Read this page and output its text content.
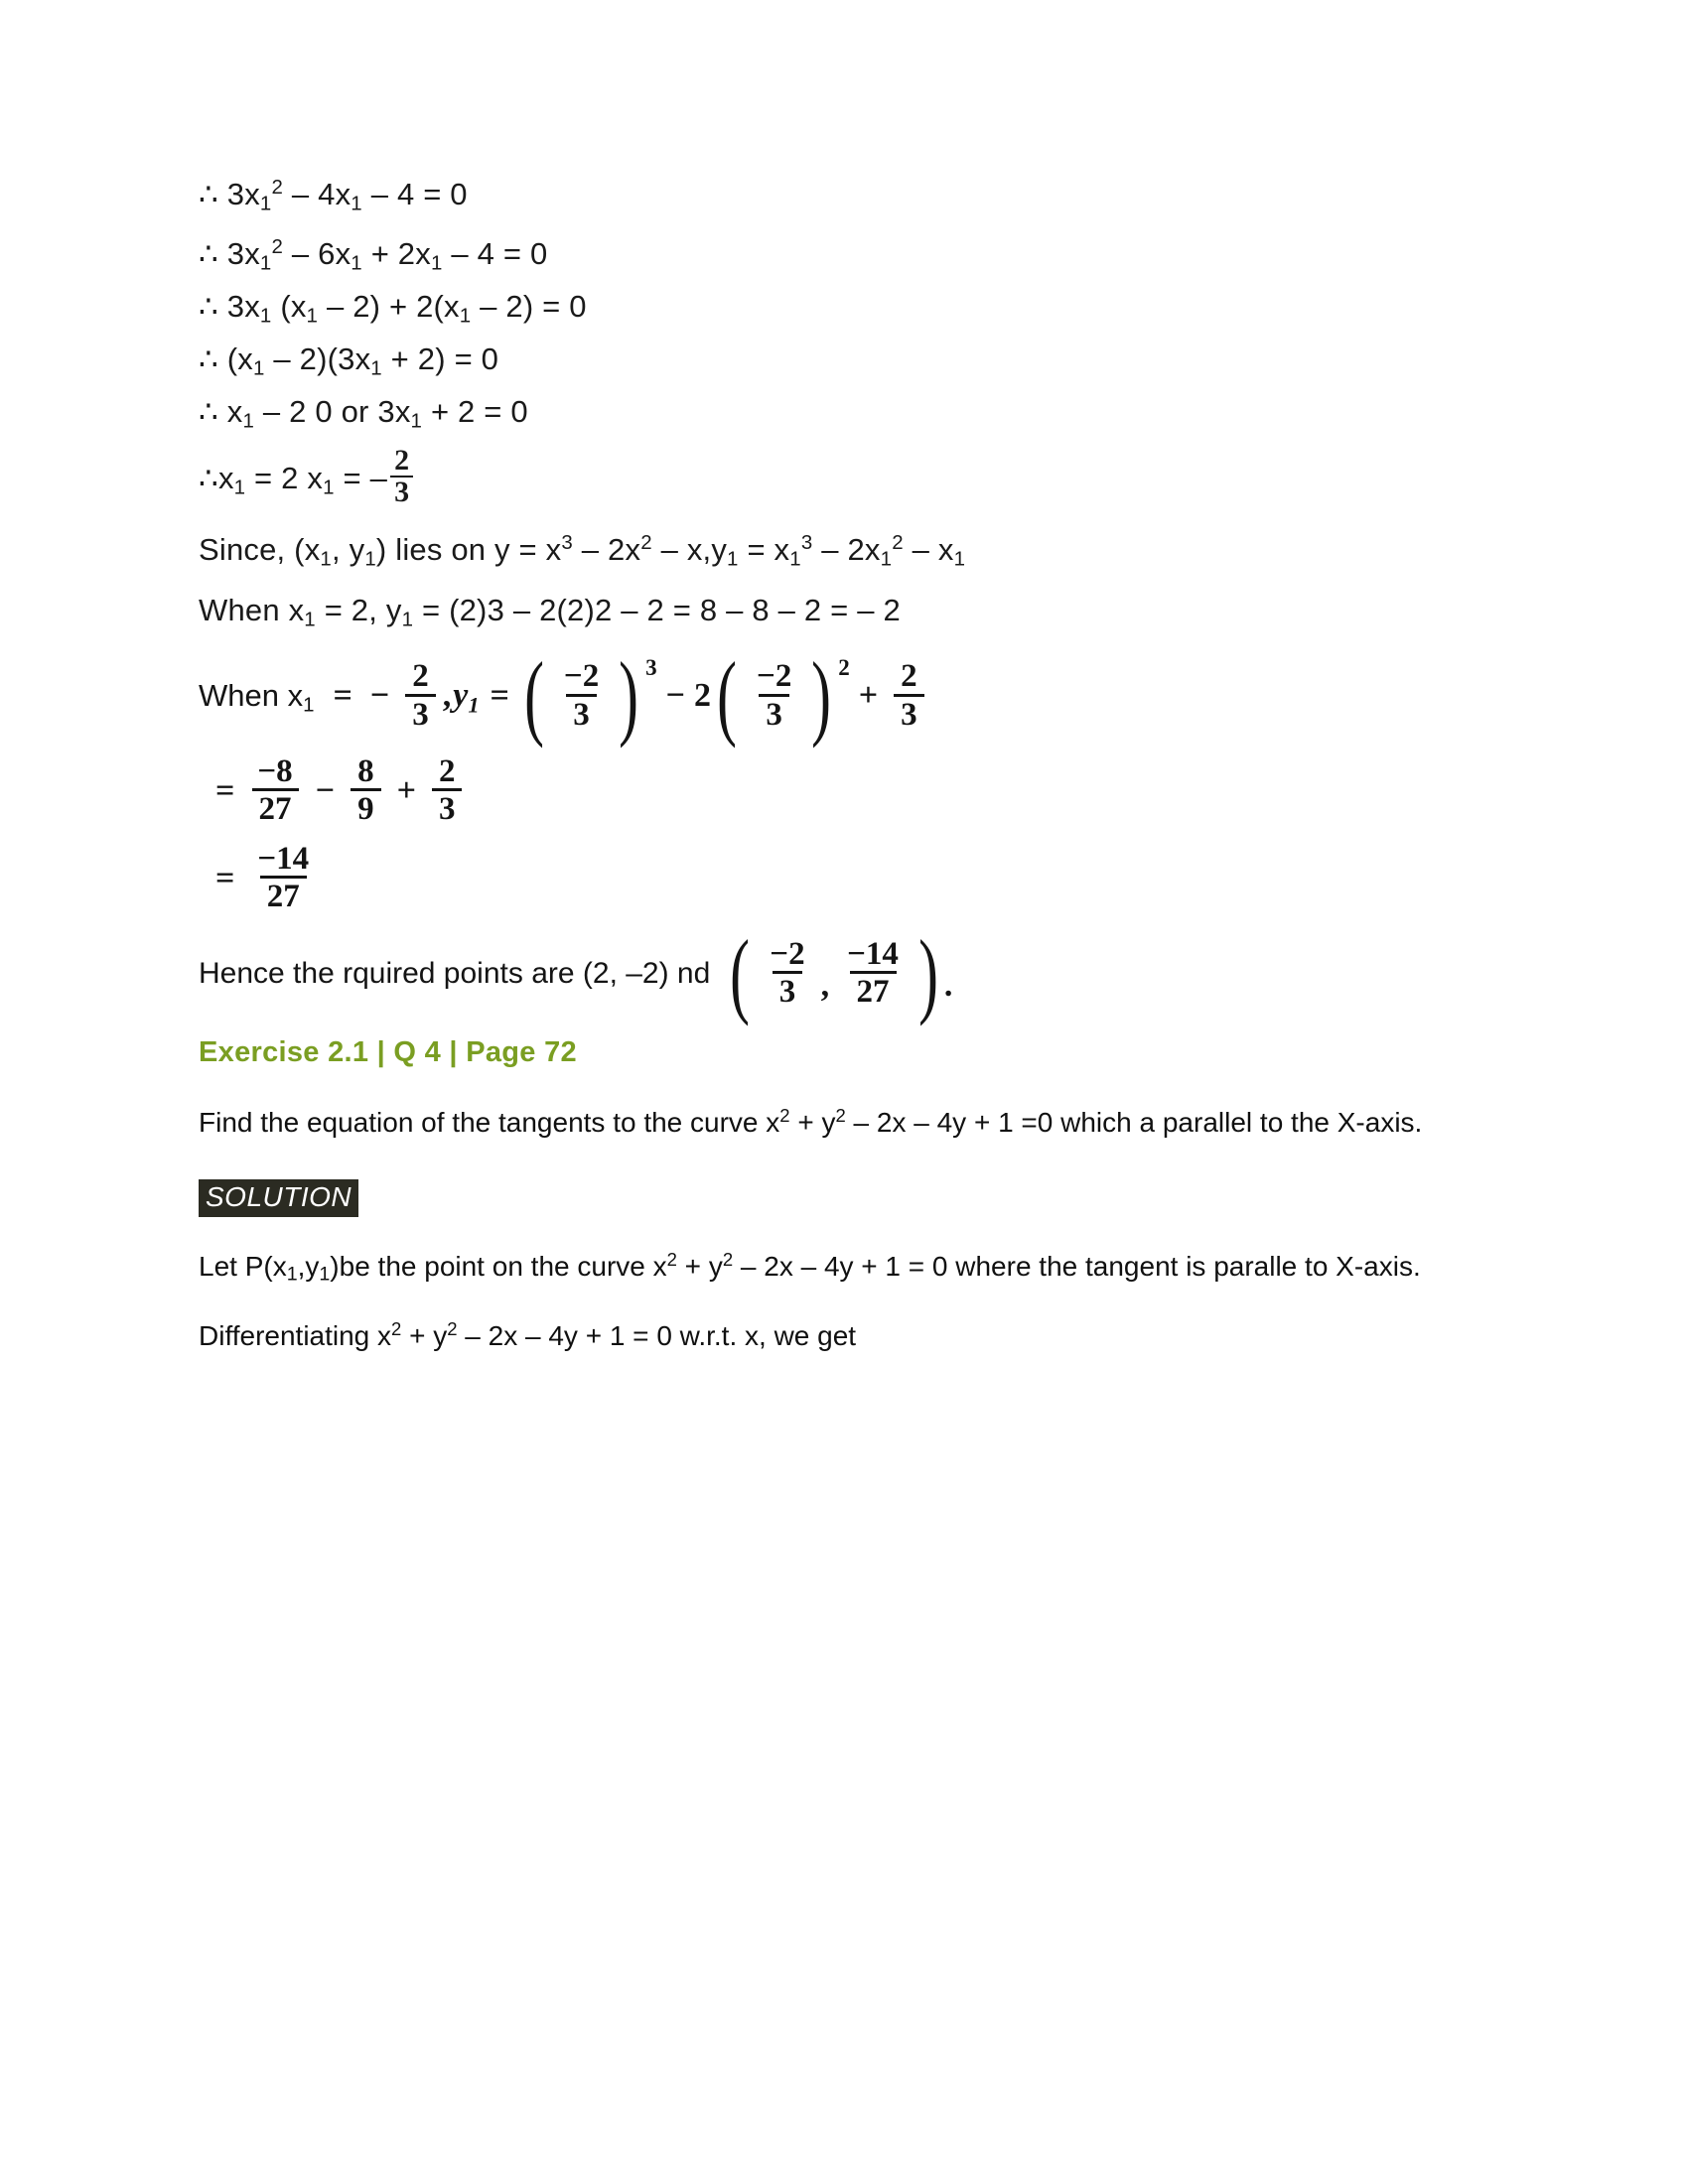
∴ $3x_1^2 - 4x_1 - 4 = 0$
∴ $3x_1^2 - 6x_1 + 2x_1 - 4 = 0$
∴ $3x_1$ $(x_1 - 2) + 2(x_1 - 2) = 0$
∴ $(x_1 - 2)(3x_1 + 2) = 0$
∴ $x_1 - 2$ 0 or $3x_1 + 2 = 0$
∴ $x_1 = 2$ $x_1$ = – $\frac{2}{3}$
Since, ($x_1$, $y_1$) lies on $y = x^3 - 2x^2 - x,y_1 = x_1^3 - 2x_1^2 - x_1$
When $x_1 = 2$, $y_1 = (2)3 - 2(2)2 - 2 = 8 - 8 - 2$ = – 2
When $x_1$ = − $\frac{2}{3}$ , $y_1$ = ( $\frac{-2}{3}$ ) 3
− 2 ( $\frac{-2}{3}$ ) 2
+ $\frac{2}{3}$
= $\frac{-8}{27} - \frac{8}{9} + \frac{2}{3}$
= $\frac{-14}{27}$
Hence the rquired points are (2, –2) nd ( $\frac{-2}{3}$ , $\frac{-14}{27}$ ) .
Exercise 2.1 | Q 4 | Page 72
Find the equation of the tangents to the curve $x^2 + y^2 - 2x - 4y + 1 =0$ which a parallel to the X-axis.
SOLUTION
Let P(x1,y1)be the point on the curve $x^2 + y^2 - 2x - 4y + 1 = 0$ where the tangent is paralle to X-axis.
Differentiating $x^2 + y^2 - 2x - 4y + 1 = 0$ w.r.t. x, we get
